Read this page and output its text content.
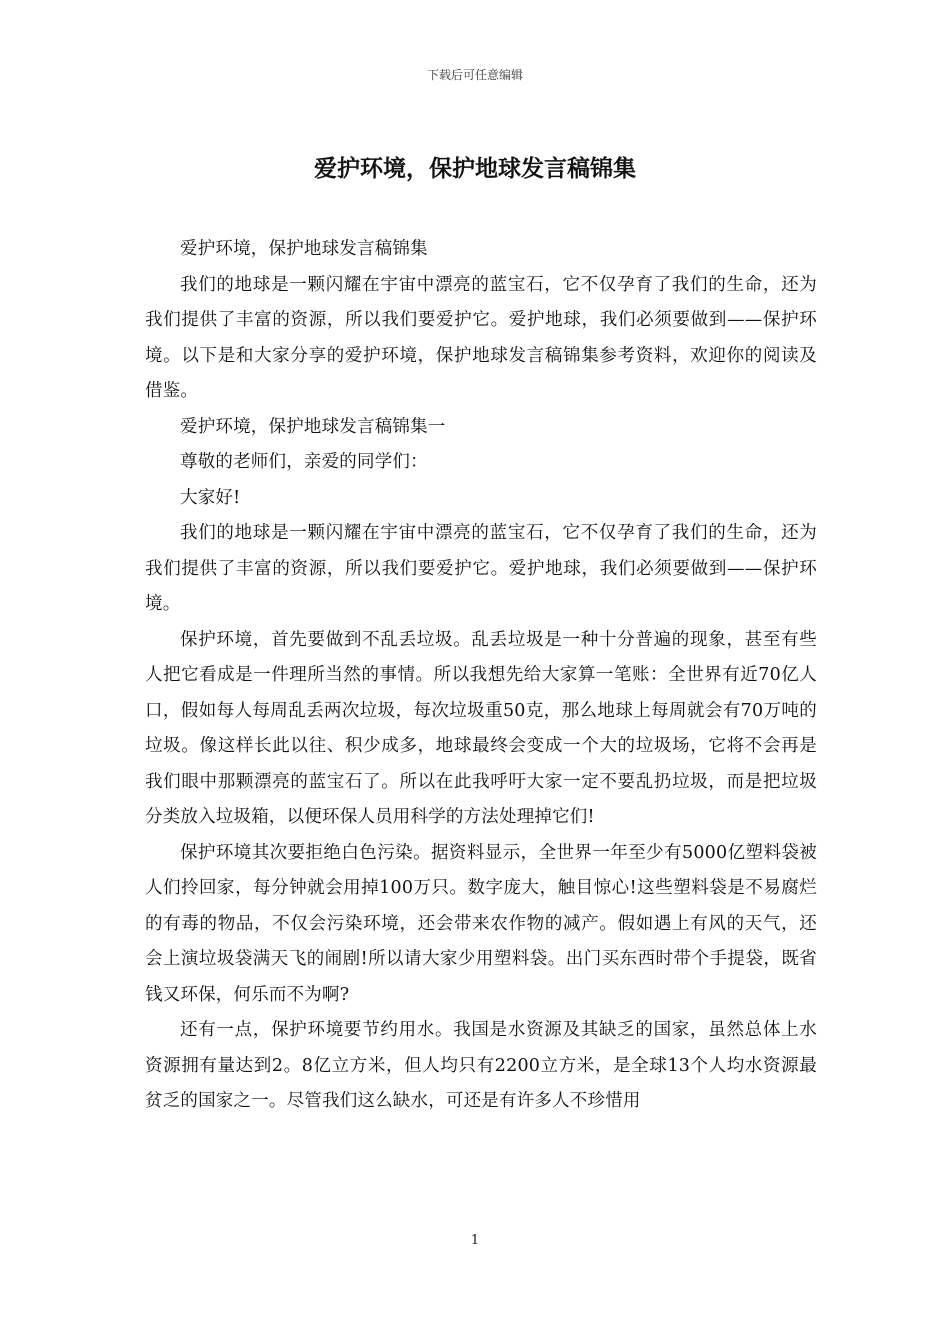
下载后可任意编辑
爱护环境，保护地球发言稿锦集

爱护环境，保护地球发言稿锦集

我们的地球是一颗闪耀在宇宙中漂亮的蓝宝石，它不仅孕育了我们的生命，还为我们提供了丰富的资源，所以我们要爱护它。爱护地球，我们必须要做到——保护环境。以下是和大家分享的爱护环境，保护地球发言稿锦集参考资料，欢迎你的阅读及借鉴。

爱护环境，保护地球发言稿锦集一

尊敬的老师们，亲爱的同学们：

大家好!

我们的地球是一颗闪耀在宇宙中漂亮的蓝宝石，它不仅孕育了我们的生命，还为我们提供了丰富的资源，所以我们要爱护它。爱护地球，我们必须要做到——保护环境。

保护环境，首先要做到不乱丢垃圾。乱丢垃圾是一种十分普遍的现象，甚至有些人把它看成是一件理所当然的事情。所以我想先给大家算一笔账：全世界有近70亿人口，假如每人每周乱丢两次垃圾，每次垃圾重50克，那么地球上每周就会有70万吨的垃圾。像这样长此以往、积少成多，地球最终会变成一个大的垃圾场，它将不会再是我们眼中那颗漂亮的蓝宝石了。所以在此我呼吁大家一定不要乱扔垃圾，而是把垃圾分类放入垃圾箱，以便环保人员用科学的方法处理掉它们!

保护环境其次要拒绝白色污染。据资料显示，全世界一年至少有5000亿塑料袋被人们拎回家，每分钟就会用掉100万只。数字庞大，触目惊心!这些塑料袋是不易腐烂的有毒的物品，不仅会污染环境，还会带来农作物的减产。假如遇上有风的天气，还会上演垃圾袋满天飞的闹剧!所以请大家少用塑料袋。出门买东西时带个手提袋，既省钱又环保，何乐而不为啊?

还有一点，保护环境要节约用水。我国是水资源及其缺乏的国家，虽然总体上水资源拥有量达到2。8亿立方米，但人均只有2200立方米，是全球13个人均水资源最贫乏的国家之一。尽管我们这么缺水，可还是有许多人不珍惜用

1
